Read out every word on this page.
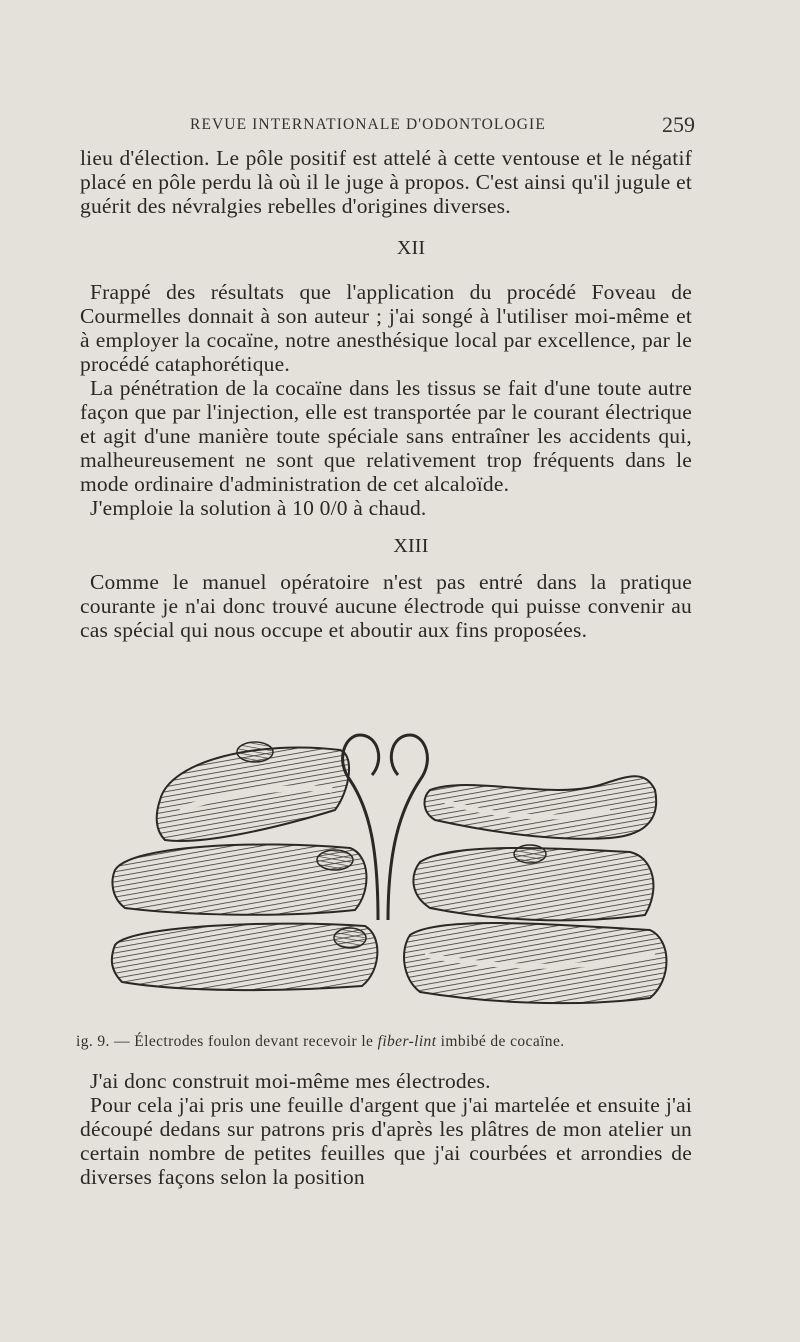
REVUE INTERNATIONALE D'ODONTOLOGIE	259

lieu d'élection. Le pôle positif est attelé à cette ventouse et le négatif placé en pôle perdu là où il le juge à propos. C'est ainsi qu'il jugule et guérit des névralgies rebelles d'origines diverses.

XII

Frappé des résultats que l'application du procédé Foveau de Courmelles donnait à son auteur ; j'ai songé à l'utiliser moi-même et à employer la cocaïne, notre anesthésique local par excellence, par le procédé cataphorétique.

La pénétration de la cocaïne dans les tissus se fait d'une toute autre façon que par l'injection, elle est transportée par le courant électrique et agit d'une manière toute spéciale sans entraîner les accidents qui, malheureusement ne sont que relativement trop fréquents dans le mode ordinaire d'administration de cet alcaloïde.

J'emploie la solution à 10 0/0 à chaud.

XIII

Comme le manuel opératoire n'est pas entré dans la pratique courante je n'ai donc trouvé aucune électrode qui puisse convenir au cas spécial qui nous occupe et aboutir aux fins proposées.

ig. 9. — Électrodes foulon devant recevoir le fiber-lint imbibé de cocaïne.

J'ai donc construit moi-même mes électrodes.

Pour cela j'ai pris une feuille d'argent que j'ai martelée et ensuite j'ai découpé dedans sur patrons pris d'après les plâtres de mon atelier un certain nombre de petites feuilles que j'ai courbées et arrondies de diverses façons selon la position
